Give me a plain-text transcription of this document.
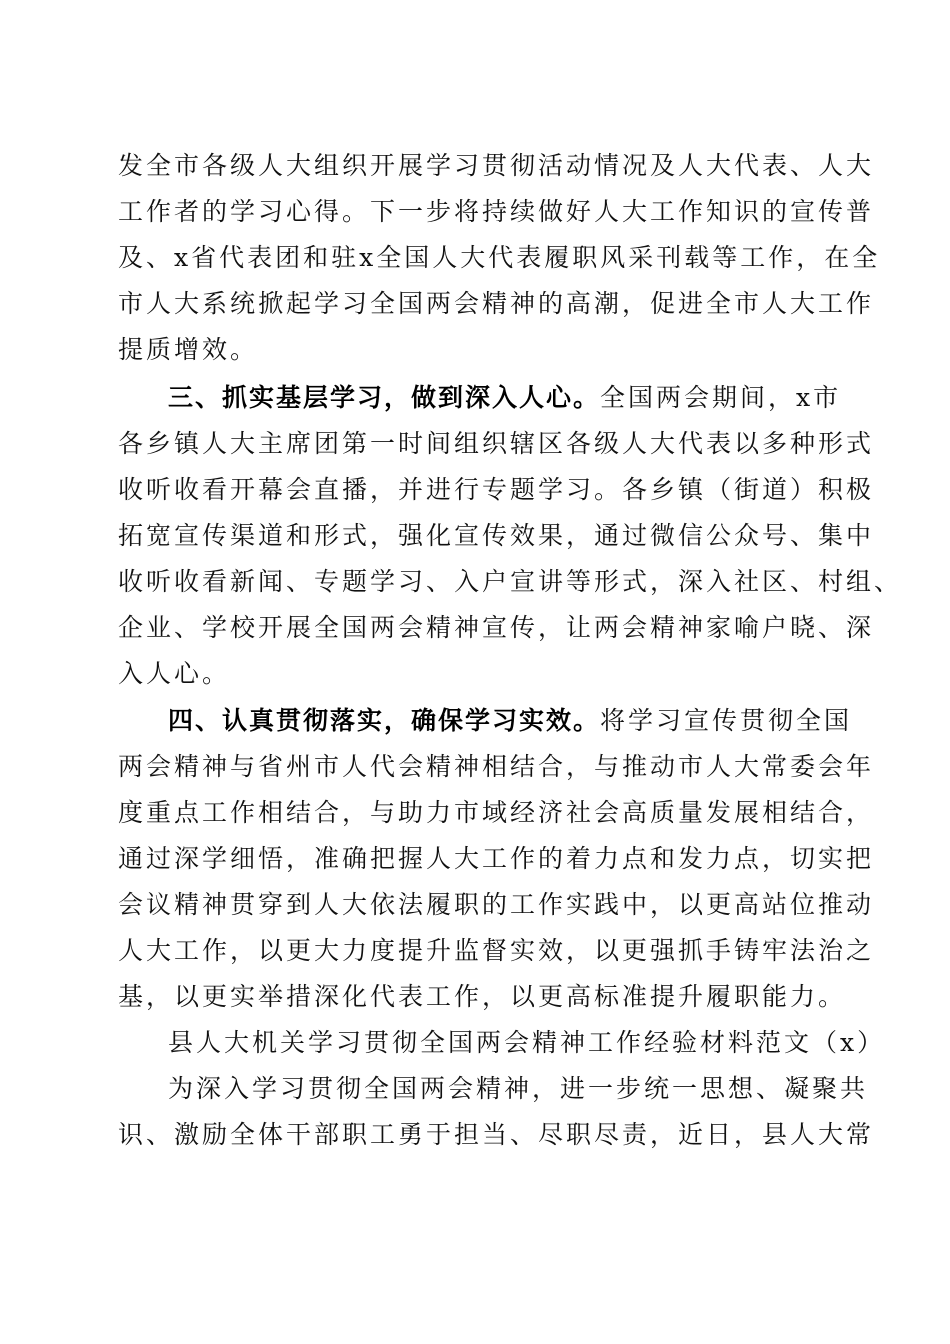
发全市各级人大组织开展学习贯彻活动情况及人大代表、人大
工作者的学习心得。下一步将持续做好人大工作知识的宣传普
及、x省代表团和驻x全国人大代表履职风采刊载等工作，在全
市人大系统掀起学习全国两会精神的高潮，促进全市人大工作
提质增效。
三、抓实基层学习，做到深入人心。全国两会期间，x市
各乡镇人大主席团第一时间组织辖区各级人大代表以多种形式
收听收看开幕会直播，并进行专题学习。各乡镇（街道）积极
拓宽宣传渠道和形式，强化宣传效果，通过微信公众号、集中
收听收看新闻、专题学习、入户宣讲等形式，深入社区、村组、
企业、学校开展全国两会精神宣传，让两会精神家喻户晓、深
入人心。
四、认真贯彻落实，确保学习实效。将学习宣传贯彻全国
两会精神与省州市人代会精神相结合，与推动市人大常委会年
度重点工作相结合，与助力市域经济社会高质量发展相结合，
通过深学细悟，准确把握人大工作的着力点和发力点，切实把
会议精神贯穿到人大依法履职的工作实践中，以更高站位推动
人大工作，以更大力度提升监督实效，以更强抓手铸牢法治之
基，以更实举措深化代表工作，以更高标准提升履职能力。
县人大机关学习贯彻全国两会精神工作经验材料范文（x）
为深入学习贯彻全国两会精神，进一步统一思想、凝聚共
识、激励全体干部职工勇于担当、尽职尽责，近日，县人大常
